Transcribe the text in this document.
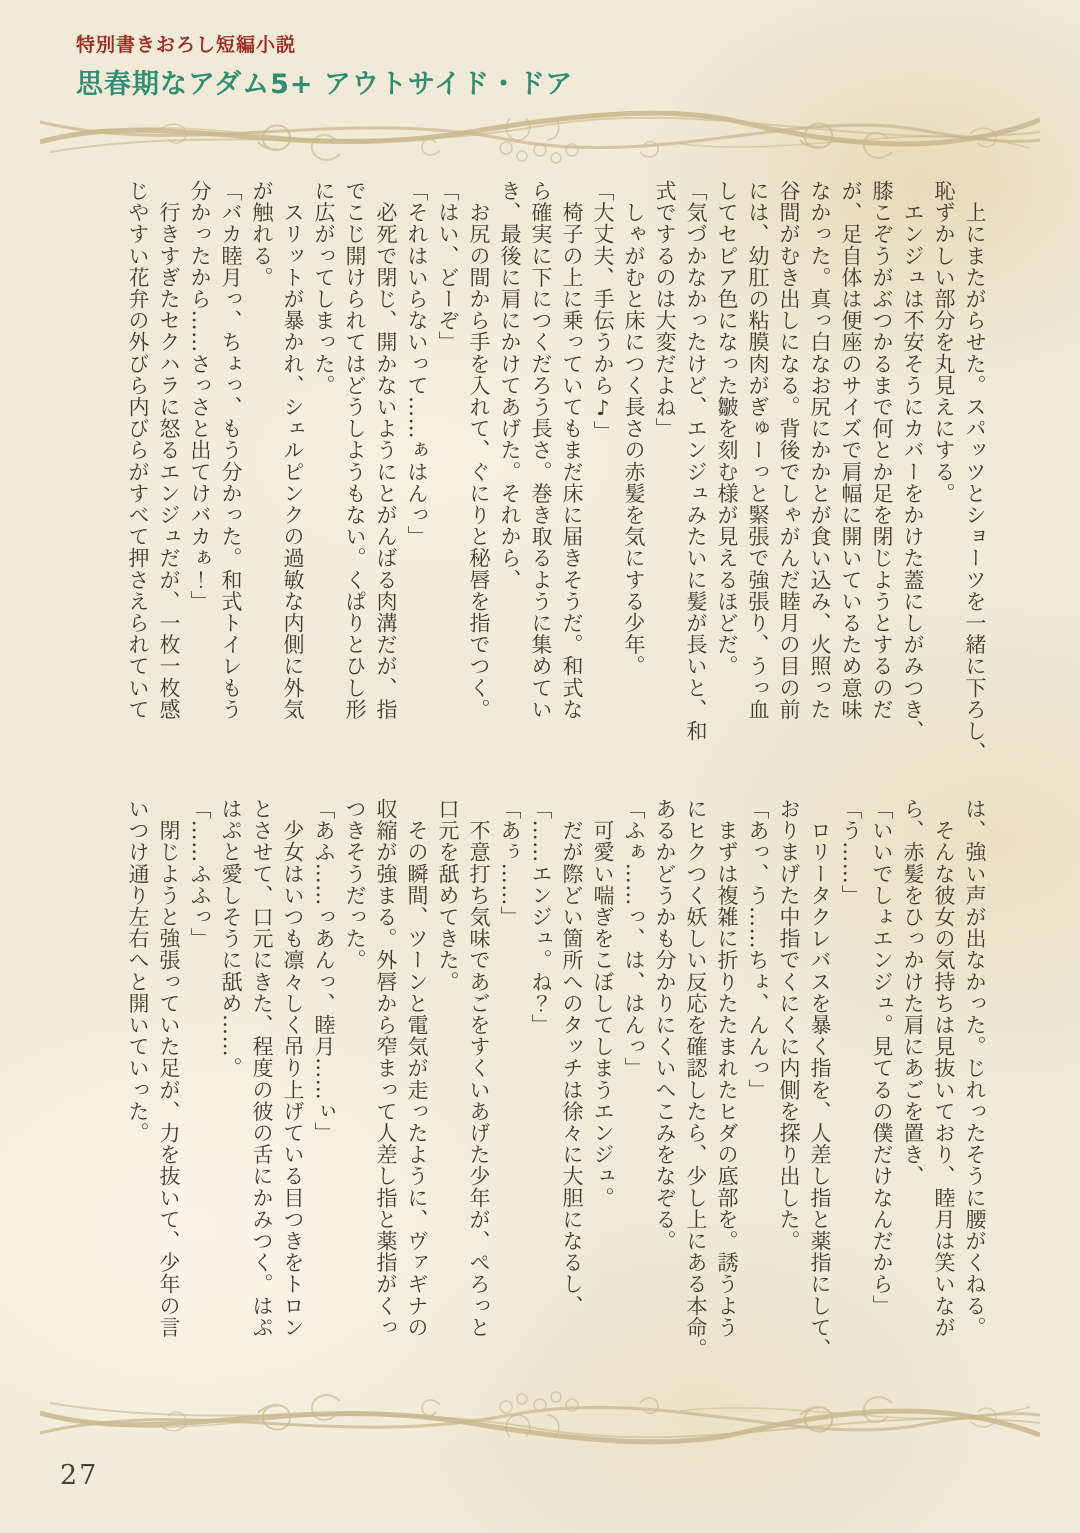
特別書きおろし短編小説
思春期なアダム5+ アウトサイド・ドア
　上にまたがらせた。スパッツとショーツを一緒に下ろし、
恥ずかしい部分を丸見えにする。
　エンジュは不安そうにカバーをかけた蓋にしがみつき、
膝こぞうがぶつかるまで何とか足を閉じようとするのだ
が、足自体は便座のサイズで肩幅に開いているため意味
なかった。真っ白なお尻にかかとが食い込み、火照った
谷間がむき出しになる。背後でしゃがんだ睦月の目の前
には、幼肛の粘膜肉がぎゅーっと緊張で強張り、うっ血
してセピア色になった皺を刻む様が見えるほどだ。
「気づかなかったけど、エンジュみたいに髪が長いと、和
式でするのは大変だよね」
　しゃがむと床につく長さの赤髪を気にする少年。
「大丈夫、手伝うから♪」
　椅子の上に乗っていてもまだ床に届きそうだ。和式な
ら確実に下につくだろう長さ。巻き取るように集めてい
き、最後に肩にかけてあげた。それから、
　お尻の間から手を入れて、ぐにりと秘唇を指でつく。
「はい、どーぞ」
「それはいらないって……ぁはんっ」
　必死で閉じ、開かないようにとがんばる肉溝だが、指
でこじ開けられてはどうしようもない。くぱりとひし形
に広がってしまった。
　スリットが暴かれ、シェルピンクの過敏な内側に外気
が触れる。
「バカ睦月っ、ちょっ、もう分かった。和式トイレもう
分かったから……さっさと出てけバカぁ！」
　行きすぎたセクハラに怒るエンジュだが、一枚一枚感
じやすい花弁の外びら内びらがすべて押さえられていて
は、強い声が出なかった。じれったそうに腰がくねる。
　そんな彼女の気持ちは見抜いており、睦月は笑いなが
ら、赤髪をひっかけた肩にあごを置き、
「いいでしょエンジュ。見てるの僕だけなんだから」
「う……」
　ロリータクレバスを暴く指を、人差し指と薬指にして、
おりまげた中指でくにくに内側を探り出した。
「あっ、う……ちょ、んんっ」
　まずは複雑に折りたたまれたヒダの底部を。誘うよう
にヒクつく妖しい反応を確認したら、少し上にある本命。
あるかどうかも分かりにくいへこみをなぞる。
「ふぁ……っ、は、はんっ」
　可愛い喘ぎをこぼしてしまうエンジュ。
　だが際どい箇所へのタッチは徐々に大胆になるし、
「……エンジュ。ね？」
「あぅ……」
　不意打ち気味であごをすくいあげた少年が、ぺろっと
口元を舐めてきた。
　その瞬間、ツーンと電気が走ったように、ヴァギナの
収縮が強まる。外唇から窄まって人差し指と薬指がくっ
つきそうだった。
「あふ……っあんっ、睦月……ぃ」
　少女はいつも凛々しく吊り上げている目つきをトロン
とさせて、口元にきた、程度の彼の舌にかみつく。はぷ
はぷと愛しそうに舐め……。
「……ふふっ」
　閉じようと強張っていた足が、力を抜いて、少年の言
いつけ通り左右へと開いていった。
27
